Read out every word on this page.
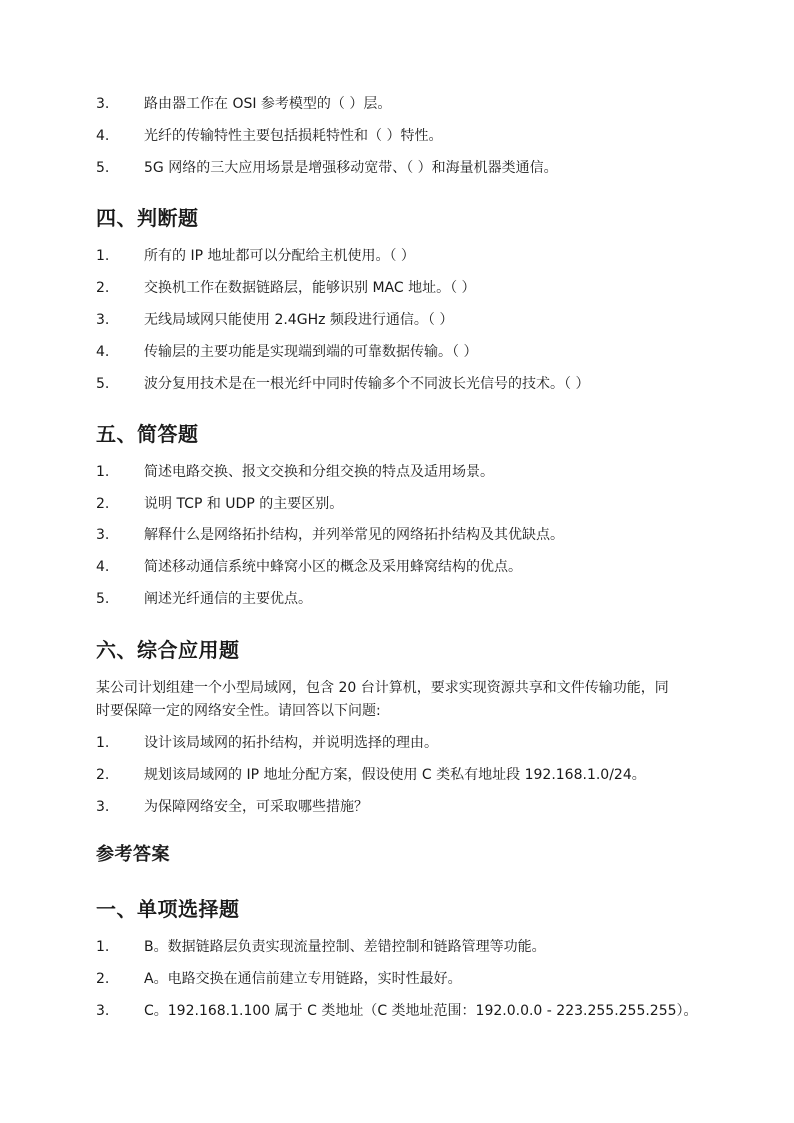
3.	路由器工作在 OSI 参考模型的（ ）层。
4.	光纤的传输特性主要包括损耗特性和（ ）特性。
5.	5G 网络的三大应用场景是增强移动宽带、（ ）和海量机器类通信。
四、判断题
1.	所有的 IP 地址都可以分配给主机使用。（ ）
2.	交换机工作在数据链路层，能够识别 MAC 地址。（ ）
3.	无线局域网只能使用 2.4GHz 频段进行通信。（ ）
4.	传输层的主要功能是实现端到端的可靠数据传输。（ ）
5.	波分复用技术是在一根光纤中同时传输多个不同波长光信号的技术。（ ）
五、简答题
1.	简述电路交换、报文交换和分组交换的特点及适用场景。
2.	说明 TCP 和 UDP 的主要区别。
3.	解释什么是网络拓扑结构，并列举常见的网络拓扑结构及其优缺点。
4.	简述移动通信系统中蜂窝小区的概念及采用蜂窝结构的优点。
5.	阐述光纤通信的主要优点。
六、综合应用题
某公司计划组建一个小型局域网，包含 20 台计算机，要求实现资源共享和文件传输功能，同
时要保障一定的网络安全性。请回答以下问题:
1.	设计该局域网的拓扑结构，并说明选择的理由。
2.	规划该局域网的 IP 地址分配方案，假设使用 C 类私有地址段 192.168.1.0/24。
3.	为保障网络安全，可采取哪些措施？
参考答案
一、单项选择题
1.	B。数据链路层负责实现流量控制、差错控制和链路管理等功能。
2.	A。电路交换在通信前建立专用链路，实时性最好。
3.	C。192.168.1.100 属于 C 类地址（C 类地址范围：192.0.0.0 - 223.255.255.255）。
